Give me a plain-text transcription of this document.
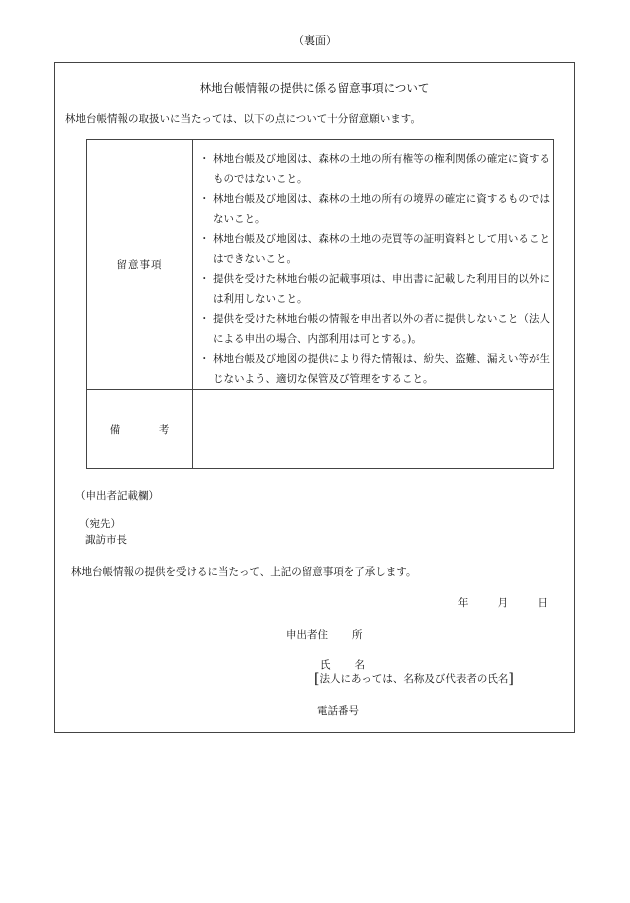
（裏面）
林地台帳情報の提供に係る留意事項について
林地台帳情報の取扱いに当たっては、以下の点について十分留意願います。
留意事項
・ 林地台帳及び地図は、森林の土地の所有権等の権利関係の確定に資するものではないこと。
・ 林地台帳及び地図は、森林の土地の所有の境界の確定に資するものではないこと。
・ 林地台帳及び地図は、森林の土地の売買等の証明資料として用いることはできないこと。
・ 提供を受けた林地台帳の記載事項は、申出書に記載した利用目的以外には利用しないこと。
・ 提供を受けた林地台帳の情報を申出者以外の者に提供しないこと（法人による申出の場合、内部利用は可とする。)。
・ 林地台帳及び地図の提供により得た情報は、紛失、盗難、漏えい等が生じないよう、適切な保管及び管理をすること。
備　考
（申出者記載欄）
（宛先）
諏訪市長
林地台帳情報の提供を受けるに当たって、上記の留意事項を了承します。
年	月	日
申出者住 所
氏 名
[法人にあっては、名称及び代表者の氏名]
電話番号
